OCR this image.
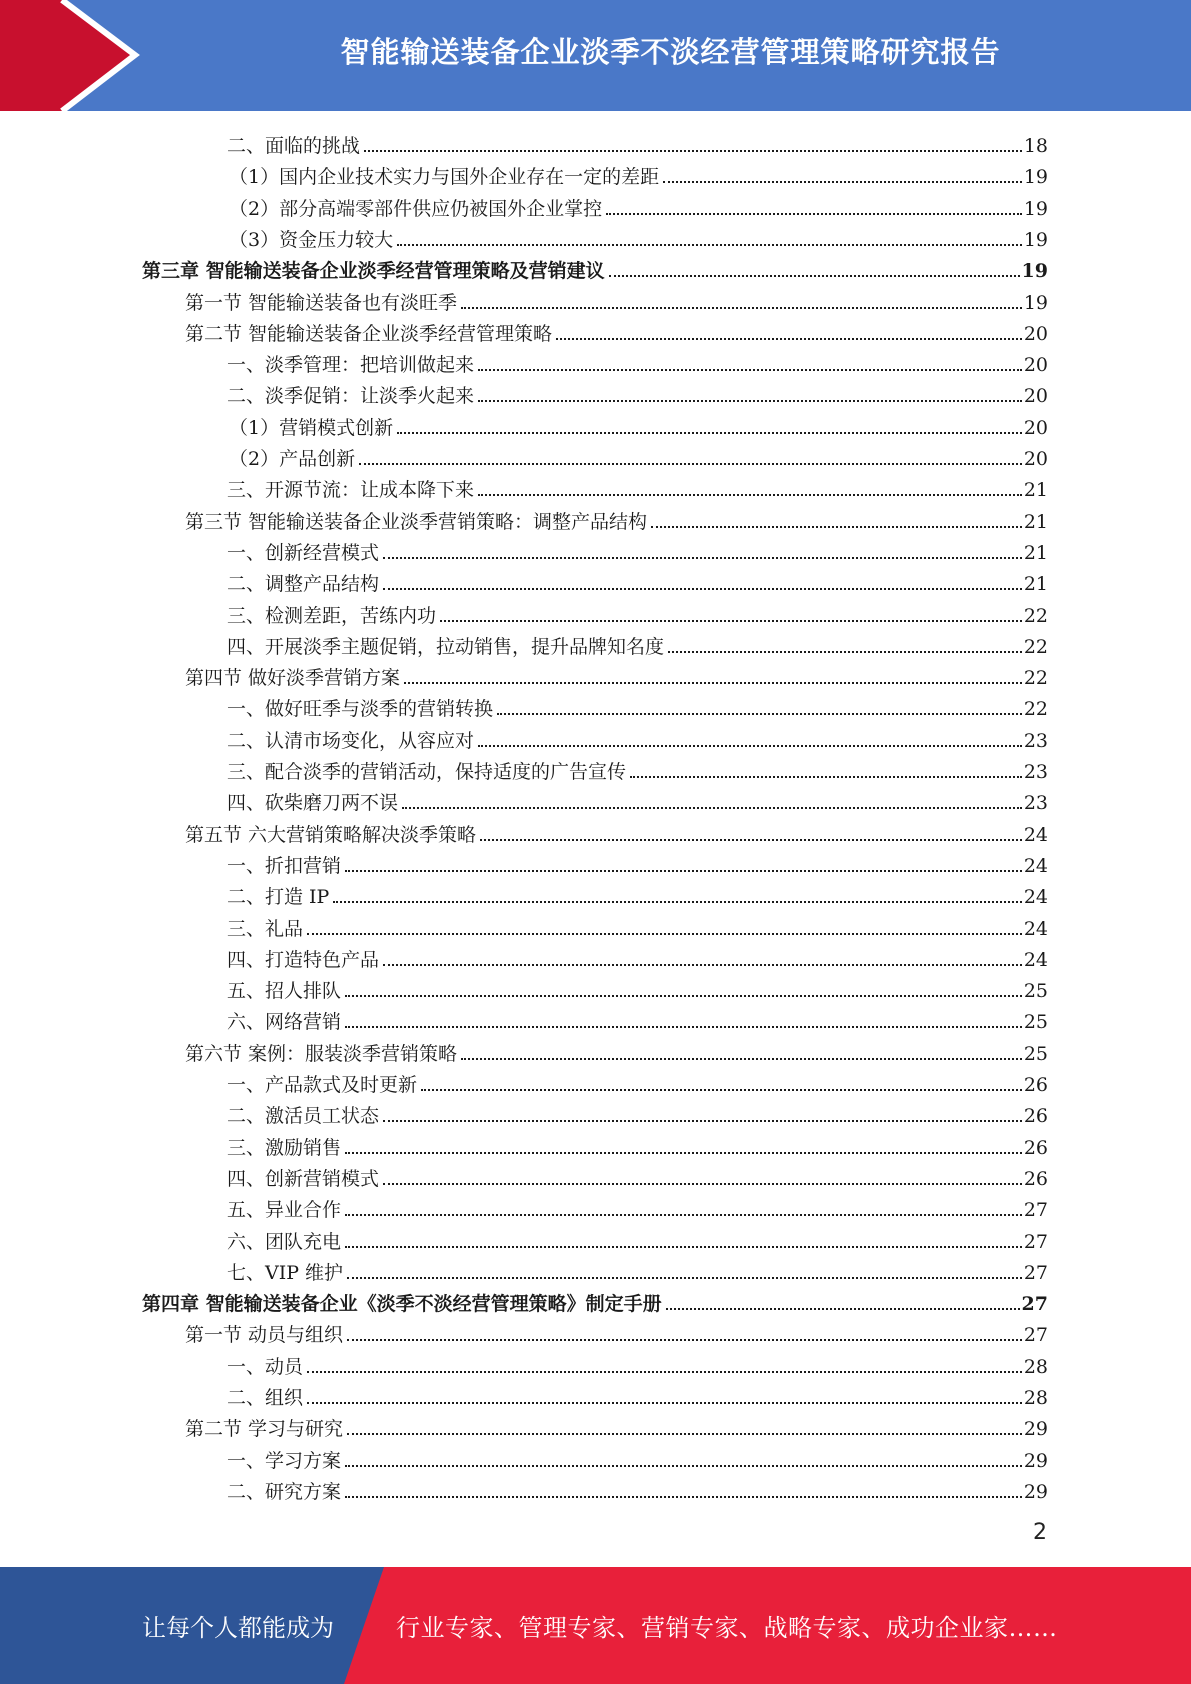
智能输送装备企业淡季不淡经营管理策略研究报告
二、面临的挑战	18
（1）国内企业技术实力与国外企业存在一定的差距	19
（2）部分高端零部件供应仍被国外企业掌控	19
（3）资金压力较大	19
第三章 智能输送装备企业淡季经营管理策略及营销建议	19
第一节 智能输送装备也有淡旺季	19
第二节 智能输送装备企业淡季经营管理策略	20
一、淡季管理：把培训做起来	20
二、淡季促销：让淡季火起来	20
（1）营销模式创新	20
（2）产品创新	20
三、开源节流：让成本降下来	21
第三节 智能输送装备企业淡季营销策略：调整产品结构	21
一、创新经营模式	21
二、调整产品结构	21
三、检测差距，苦练内功	22
四、开展淡季主题促销，拉动销售，提升品牌知名度	22
第四节 做好淡季营销方案	22
一、做好旺季与淡季的营销转换	22
二、认清市场变化，从容应对	23
三、配合淡季的营销活动，保持适度的广告宣传	23
四、砍柴磨刀两不误	23
第五节 六大营销策略解决淡季策略	24
一、折扣营销	24
二、打造 IP	24
三、礼品	24
四、打造特色产品	24
五、招人排队	25
六、网络营销	25
第六节 案例：服装淡季营销策略	25
一、产品款式及时更新	26
二、激活员工状态	26
三、激励销售	26
四、创新营销模式	26
五、异业合作	27
六、团队充电	27
七、VIP 维护	27
第四章 智能输送装备企业《淡季不淡经营管理策略》制定手册	27
第一节 动员与组织	27
一、动员	28
二、组织	28
第二节 学习与研究	29
一、学习方案	29
二、研究方案	29
2
让每个人都能成为	行业专家、管理专家、营销专家、战略专家、成功企业家……
